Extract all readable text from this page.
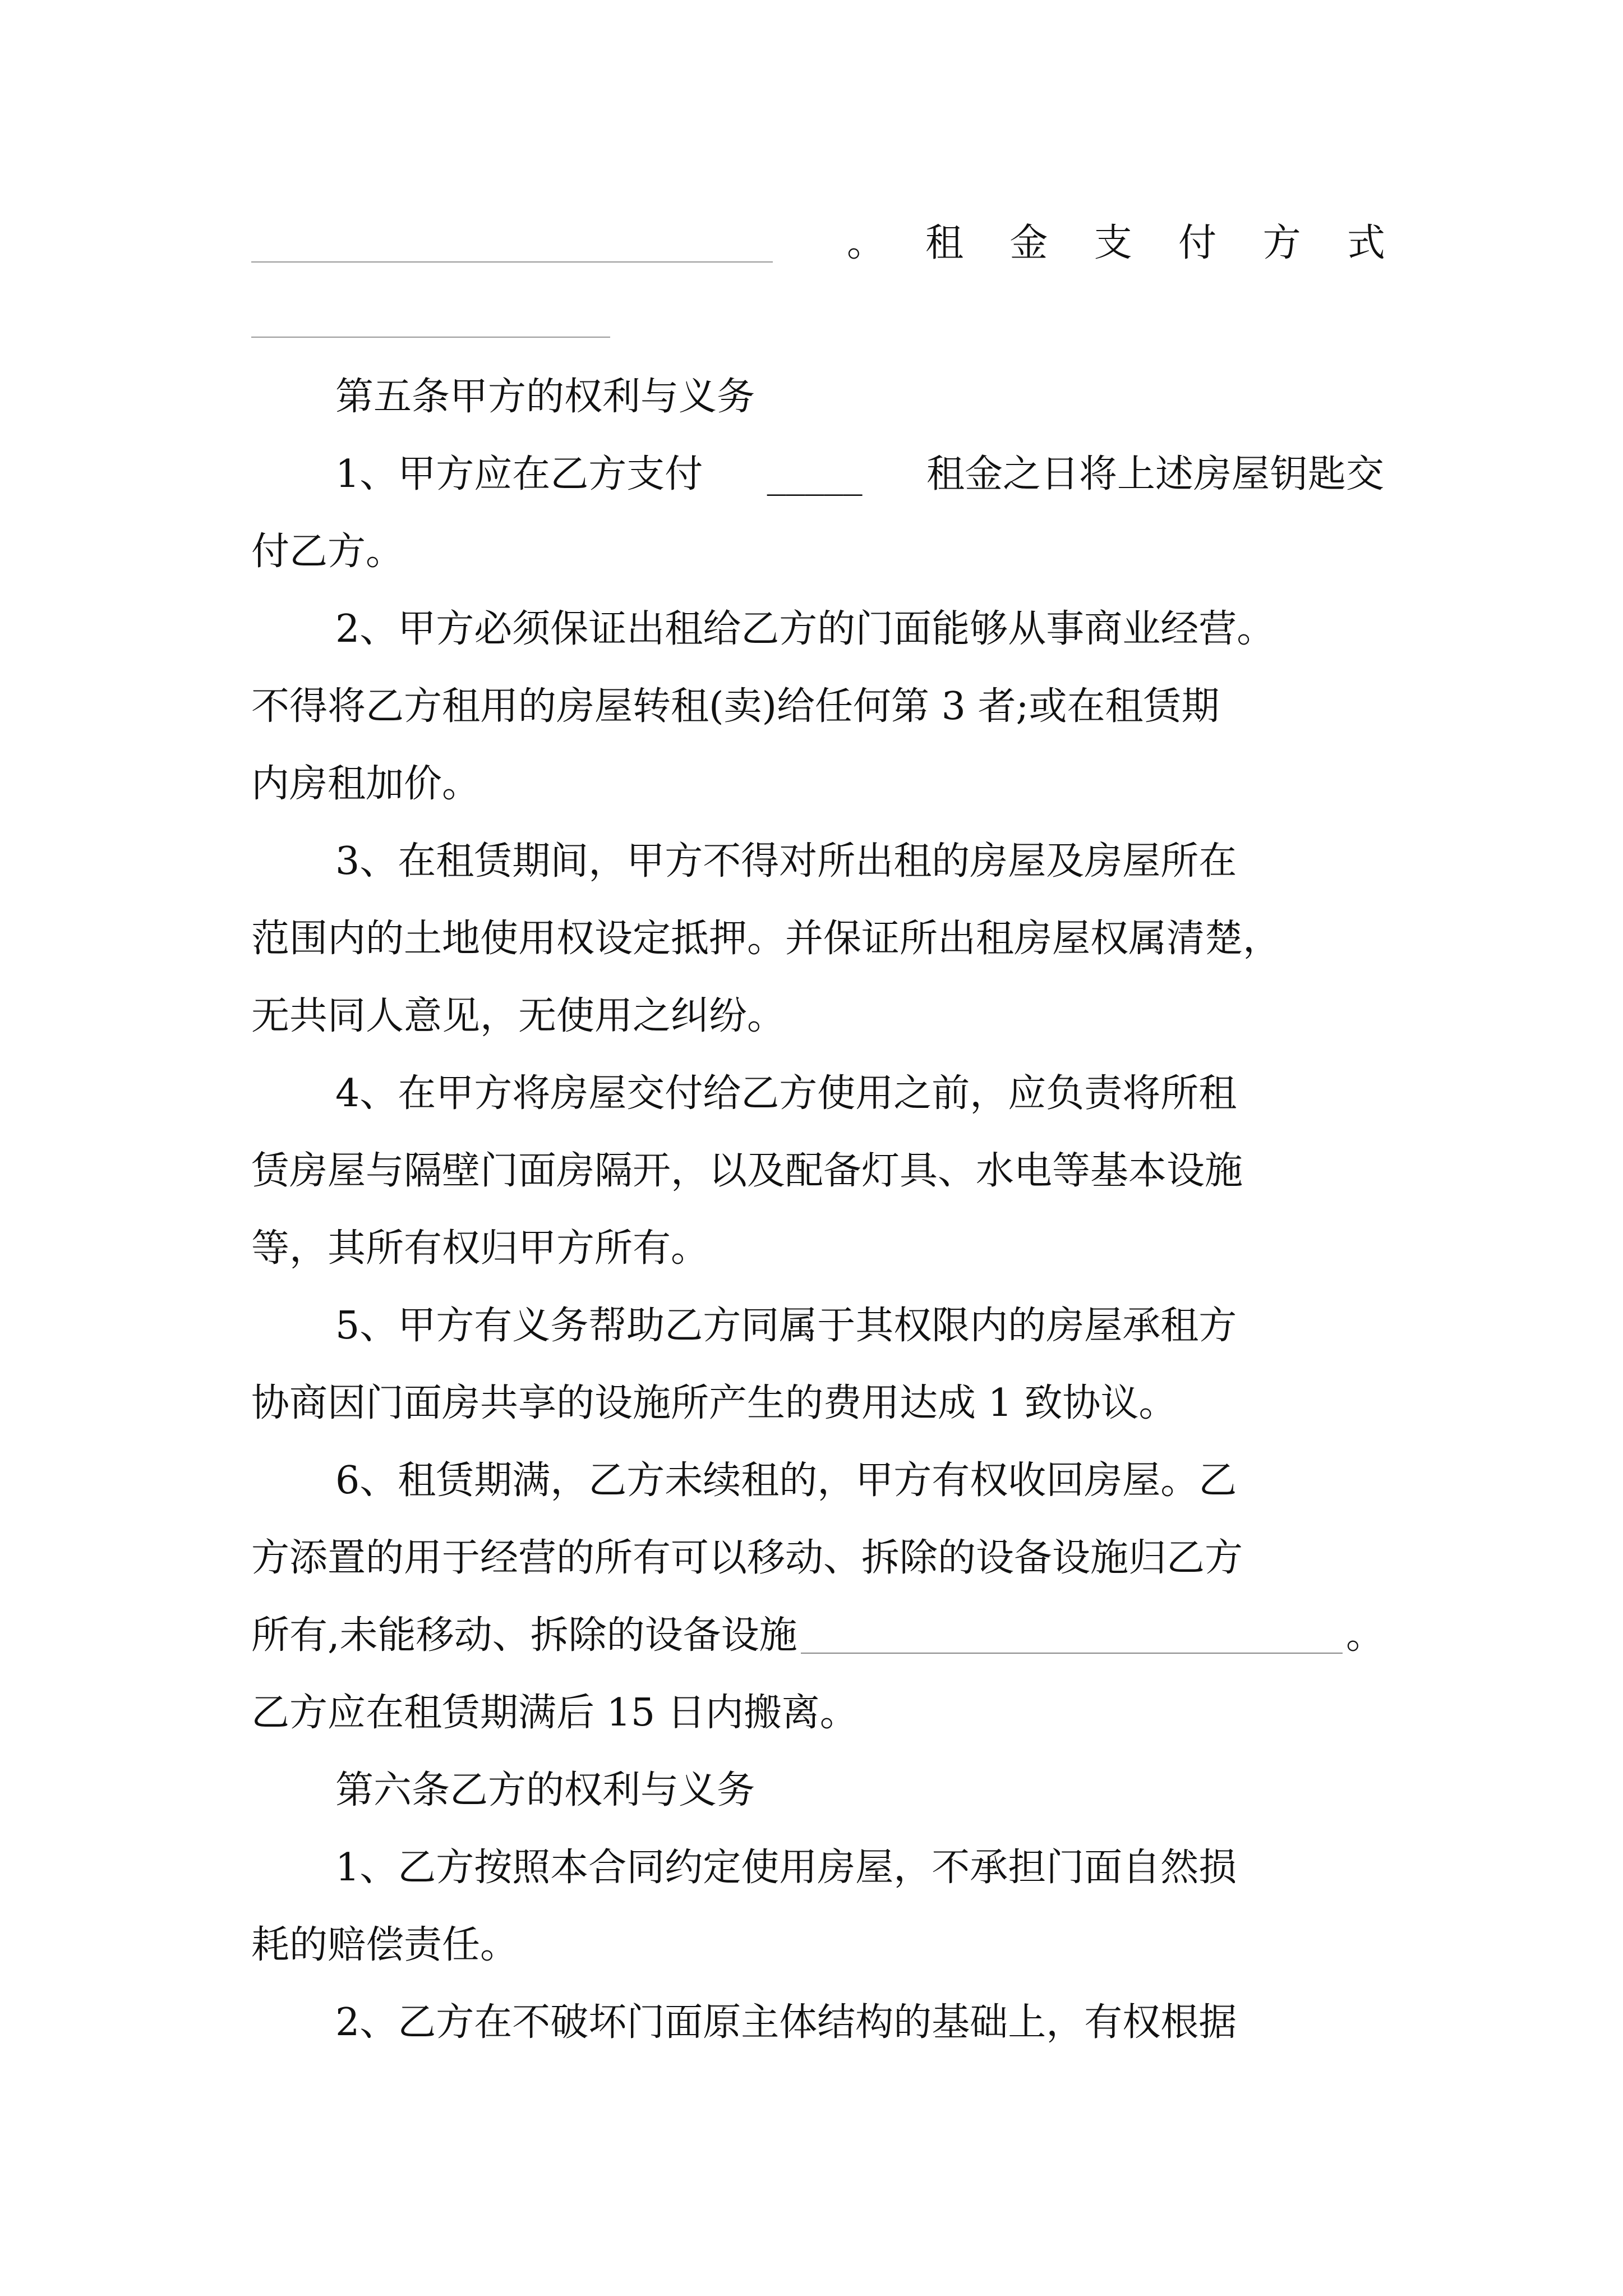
。 租 金 支 付 方 式
第五条甲方的权利与义务
1、甲方应在乙方支付 _____ 租金之日将上述房屋钥匙交
付乙方。
2、甲方必须保证出租给乙方的门面能够从事商业经营。
不得将乙方租用的房屋转租(卖)给任何第 3 者;或在租赁期
内房租加价。
3、在租赁期间，甲方不得对所出租的房屋及房屋所在
范围内的土地使用权设定抵押。并保证所出租房屋权属清楚，
无共同人意见，无使用之纠纷。
4、在甲方将房屋交付给乙方使用之前，应负责将所租
赁房屋与隔壁门面房隔开，以及配备灯具、水电等基本设施
等，其所有权归甲方所有。
5、甲方有义务帮助乙方同属于其权限内的房屋承租方
协商因门面房共享的设施所产生的费用达成 1 致协议。
6、租赁期满，乙方未续租的，甲方有权收回房屋。乙
方添置的用于经营的所有可以移动、拆除的设备设施归乙方
所有,未能移动、拆除的设备设施	。
乙方应在租赁期满后 15 日内搬离。
第六条乙方的权利与义务
1、乙方按照本合同约定使用房屋，不承担门面自然损
耗的赔偿责任。
2、乙方在不破坏门面原主体结构的基础上，有权根据
